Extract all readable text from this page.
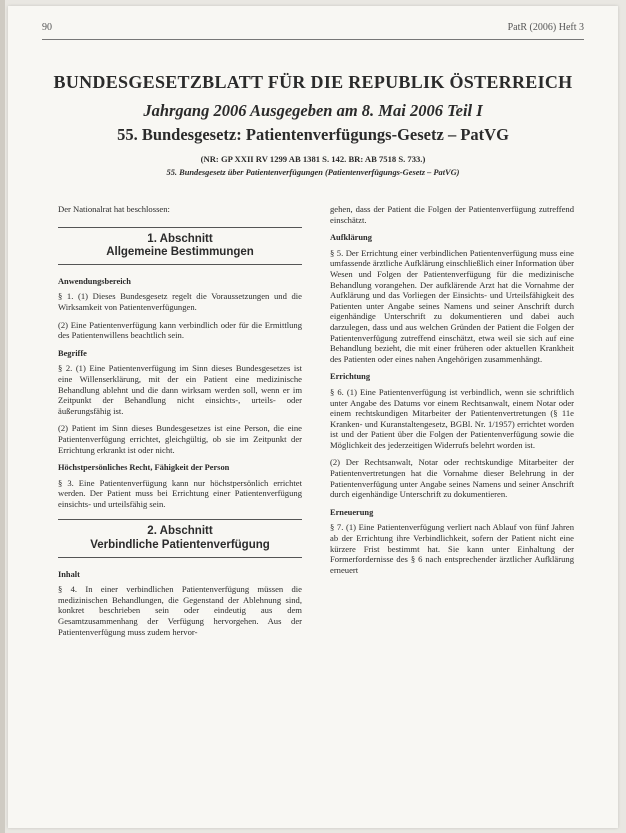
90	PatR (2006) Heft 3
BUNDESGESETZBLATT FÜR DIE REPUBLIK ÖSTERREICH

Jahrgang 2006 Ausgegeben am 8. Mai 2006 Teil I

55. Bundesgesetz: Patientenverfügungs-Gesetz – PatVG

(NR: GP XXII RV 1299 AB 1381 S. 142. BR: AB 7518 S. 733.)

55. Bundesgesetz über Patientenverfügungen (Patientenverfügungs-Gesetz – PatVG)

Der Nationalrat hat beschlossen:

1. Abschnitt
Allgemeine Bestimmungen
Anwendungsbereich

§ 1. (1) Dieses Bundesgesetz regelt die Voraussetzungen und die Wirksamkeit von Patientenverfügungen.

(2) Eine Patientenverfügung kann verbindlich oder für die Ermittlung des Patientenwillens beachtlich sein.

Begriffe

§ 2. (1) Eine Patientenverfügung im Sinn dieses Bundesgesetzes ist eine Willenserklärung, mit der ein Patient eine medizinische Behandlung ablehnt und die dann wirksam werden soll, wenn er im Zeitpunkt der Behandlung nicht einsichts-, urteils- oder äußerungsfähig ist.

(2) Patient im Sinn dieses Bundesgesetzes ist eine Person, die eine Patientenverfügung errichtet, gleichgültig, ob sie im Zeitpunkt der Errichtung erkrankt ist oder nicht.

Höchstpersönliches Recht, Fähigkeit der Person

§ 3. Eine Patientenverfügung kann nur höchstpersönlich errichtet werden. Der Patient muss bei Errichtung einer Patientenverfügung einsichts- und urteilsfähig sein.

2. Abschnitt
Verbindliche Patientenverfügung
Inhalt

§ 4. In einer verbindlichen Patientenverfügung müssen die medizinischen Behandlungen, die Gegenstand der Ablehnung sind, konkret beschrieben sein oder eindeutig aus dem Gesamtzusammenhang der Verfügung hervorgehen. Aus der Patientenverfügung muss zudem hervor-

gehen, dass der Patient die Folgen der Patientenverfügung zutreffend einschätzt.

Aufklärung

§ 5. Der Errichtung einer verbindlichen Patientenverfügung muss eine umfassende ärztliche Aufklärung einschließlich einer Information über Wesen und Folgen der Patientenverfügung für die medizinische Behandlung vorangehen. Der aufklärende Arzt hat die Vornahme der Aufklärung und das Vorliegen der Einsichts- und Urteilsfähigkeit des Patienten unter Angabe seines Namens und seiner Anschrift durch eigenhändige Unterschrift zu dokumentieren und dabei auch darzulegen, dass und aus welchen Gründen der Patient die Folgen der Patientenverfügung zutreffend einschätzt, etwa weil sie sich auf eine Behandlung bezieht, die mit einer früheren oder aktuellen Krankheit des Patienten oder eines nahen Angehörigen zusammenhängt.

Errichtung

§ 6. (1) Eine Patientenverfügung ist verbindlich, wenn sie schriftlich unter Angabe des Datums vor einem Rechtsanwalt, einem Notar oder einem rechtskundigen Mitarbeiter der Patientenvertretungen (§ 11e Kranken- und Kuranstaltengesetz, BGBl. Nr. 1/1957) errichtet worden ist und der Patient über die Folgen der Patientenverfügung sowie die Möglichkeit des jederzeitigen Widerrufs belehrt worden ist.

(2) Der Rechtsanwalt, Notar oder rechtskundige Mitarbeiter der Patientenvertretungen hat die Vornahme dieser Belehrung in der Patientenverfügung unter Angabe seines Namens und seiner Anschrift durch eigenhändige Unterschrift zu dokumentieren.

Erneuerung

§ 7. (1) Eine Patientenverfügung verliert nach Ablauf von fünf Jahren ab der Errichtung ihre Verbindlichkeit, sofern der Patient nicht eine kürzere Frist bestimmt hat. Sie kann unter Einhaltung der Formerfordernisse des § 6 nach entsprechender ärztlicher Aufklärung erneuert
